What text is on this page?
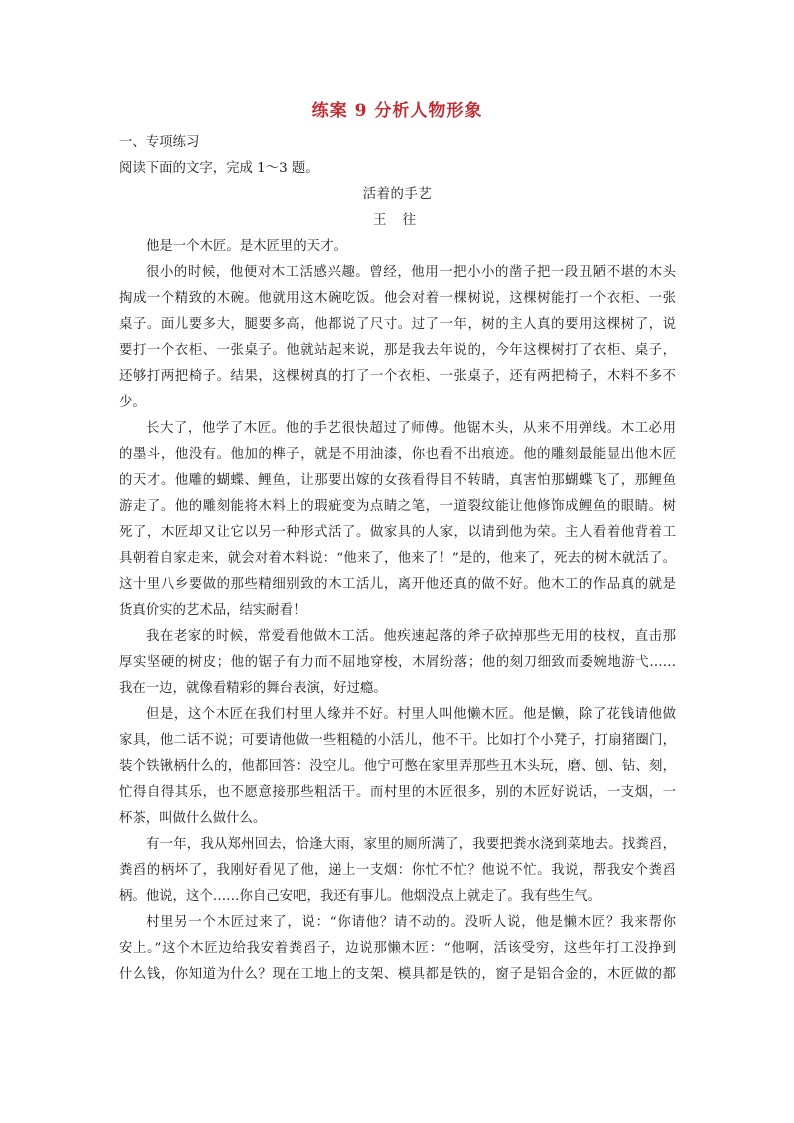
练案 9 分析人物形象
一、专项练习
阅读下面的文字，完成 1～3 题。
活着的手艺
王 往
他是一个木匠。是木匠里的天才。
很小的时候，他便对木工活感兴趣。曾经，他用一把小小的凿子把一段丑陋不堪的木头
掏成一个精致的木碗。他就用这木碗吃饭。他会对着一棵树说，这棵树能打一个衣柜、一张
桌子。面儿要多大，腿要多高，他都说了尺寸。过了一年，树的主人真的要用这棵树了，说
要打一个衣柜、一张桌子。他就站起来说，那是我去年说的，今年这棵树打了衣柜、桌子，
还够打两把椅子。结果，这棵树真的打了一个衣柜、一张桌子，还有两把椅子，木料不多不
少。
长大了，他学了木匠。他的手艺很快超过了师傅。他锯木头，从来不用弹线。木工必用
的墨斗，他没有。他加的榫子，就是不用油漆，你也看不出痕迹。他的雕刻最能显出他木匠
的天才。他雕的蝴蝶、鲤鱼，让那要出嫁的女孩看得目不转睛，真害怕那蝴蝶飞了，那鲤鱼
游走了。他的雕刻能将木料上的瑕疵变为点睛之笔，一道裂纹能让他修饰成鲤鱼的眼睛。树
死了，木匠却又让它以另一种形式活了。做家具的人家，以请到他为荣。主人看着他背着工
具朝着自家走来，就会对着木料说：“他来了，他来了！”是的，他来了，死去的树木就活了。
这十里八乡要做的那些精细别致的木工活儿，离开他还真的做不好。他木工的作品真的就是
货真价实的艺术品，结实耐看！
我在老家的时候，常爱看他做木工活。他疾速起落的斧子砍掉那些无用的枝杈，直击那
厚实坚硬的树皮；他的锯子有力而不屈地穿梭，木屑纷落；他的刻刀细致而委婉地游弋……
我在一边，就像看精彩的舞台表演，好过瘾。
但是，这个木匠在我们村里人缘并不好。村里人叫他懒木匠。他是懒，除了花钱请他做
家具，他二话不说；可要请他做一些粗糙的小活儿，他不干。比如打个小凳子，打扇猪圈门，
装个铁锹柄什么的，他都回答：没空儿。他宁可憋在家里弄那些丑木头玩，磨、刨、钻、刻，
忙得自得其乐，也不愿意接那些粗活干。而村里的木匠很多，别的木匠好说话，一支烟，一
杯茶，叫做什么做什么。
有一年，我从郑州回去，恰逢大雨，家里的厕所满了，我要把粪水浇到菜地去。找粪舀，
粪舀的柄坏了，我刚好看见了他，递上一支烟：你忙不忙？他说不忙。我说，帮我安个粪舀
柄。他说，这个……你自己安吧，我还有事儿。他烟没点上就走了。我有些生气。
村里另一个木匠过来了，说：“你请他？请不动的。没听人说，他是懒木匠？我来帮你
安上。”这个木匠边给我安着粪舀子，边说那懒木匠：“他啊，活该受穷，这些年打工没挣到
什么钱，你知道为什么？现在工地上的支架、模具都是铁的，窗子是铝合金的，木匠做的都
